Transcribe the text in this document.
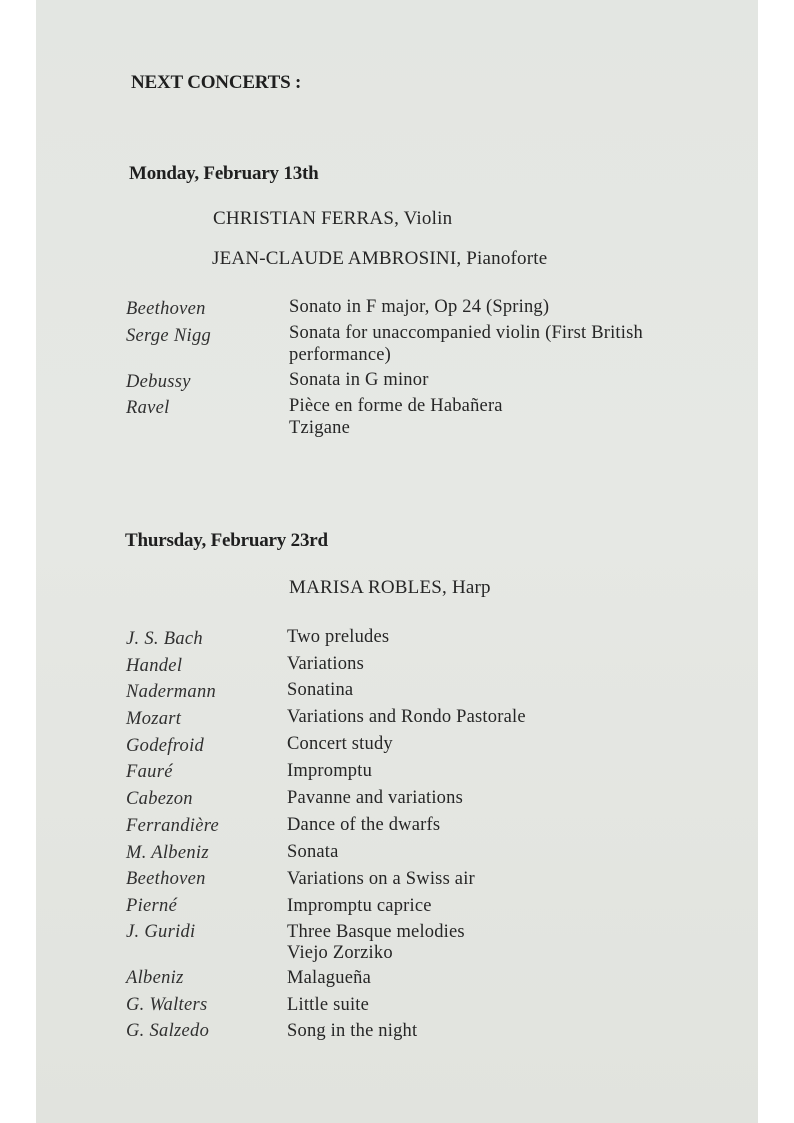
NEXT CONCERTS :
Monday, February 13th
CHRISTIAN FERRAS, Violin
JEAN-CLAUDE AMBROSINI, Pianoforte
Beethoven	Sonato in F major, Op 24 (Spring)
Serge Nigg	Sonata for unaccompanied violin (First British
performance)
Debussy	Sonata in G minor
Ravel	Pièce en forme de Habañera
Tzigane
Thursday, February 23rd
MARISA ROBLES, Harp
J. S. Bach	Two preludes
Handel	Variations
Nadermann	Sonatina
Mozart	Variations and Rondo Pastorale
Godefroid	Concert study
Fauré	Impromptu
Cabezon	Pavanne and variations
Ferrandière	Dance of the dwarfs
M. Albeniz	Sonata
Beethoven	Variations on a Swiss air
Pierné	Impromptu caprice
J. Guridi	Three Basque melodies
Viejo Zorziko
Albeniz	Malagueña
G. Walters	Little suite
G. Salzedo	Song in the night
